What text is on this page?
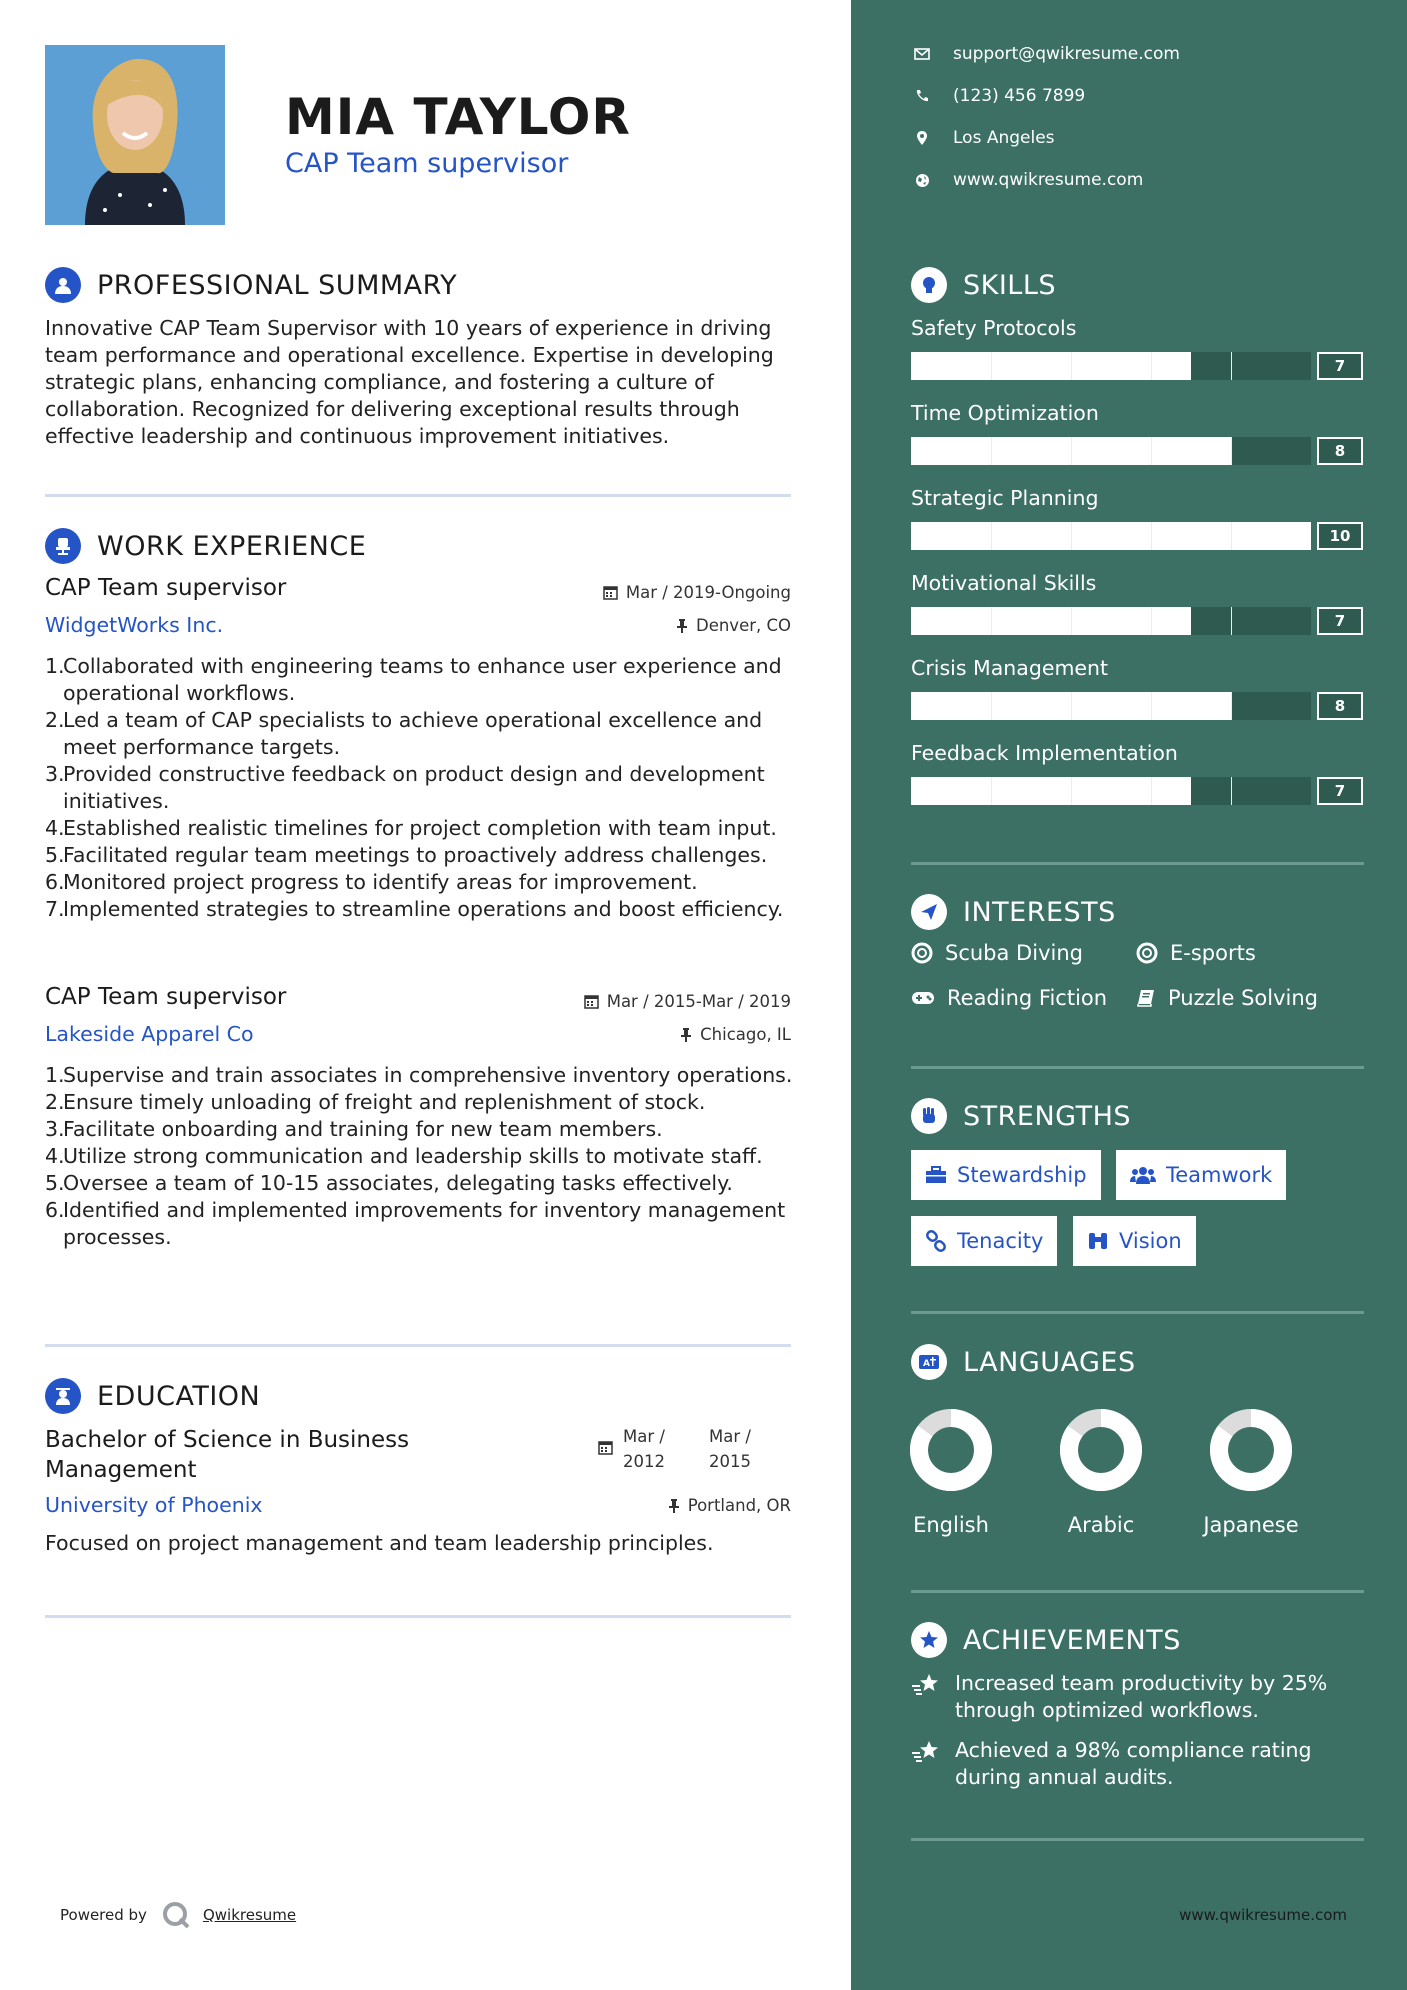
MIA TAYLOR
CAP Team supervisor
PROFESSIONAL SUMMARY
Innovative CAP Team Supervisor with 10 years of experience in driving team performance and operational excellence. Expertise in developing strategic plans, enhancing compliance, and fostering a culture of collaboration. Recognized for delivering exceptional results through effective leadership and continuous improvement initiatives.
WORK EXPERIENCE
CAP Team supervisor
WidgetWorks Inc.
Mar / 2019-Ongoing
Denver, CO
1.
Collaborated with engineering teams to enhance user experience and operational workflows.
2.
Led a team of CAP specialists to achieve operational excellence and meet performance targets.
3.
Provided constructive feedback on product design and development initiatives.
4.
Established realistic timelines for project completion with team input.
5.
Facilitated regular team meetings to proactively address challenges.
6.
Monitored project progress to identify areas for improvement.
7.
Implemented strategies to streamline operations and boost efficiency.
CAP Team supervisor
Lakeside Apparel Co
Mar / 2015-Mar / 2019
Chicago, IL
1.
Supervise and train associates in comprehensive inventory operations.
2.
Ensure timely unloading of freight and replenishment of stock.
3.
Facilitate onboarding and training for new team members.
4.
Utilize strong communication and leadership skills to motivate staff.
5.
Oversee a team of 10-15 associates, delegating tasks effectively.
6.
Identified and implemented improvements for inventory management processes.
EDUCATION
Bachelor of Science in Business
Management
Mar /
2012
Mar /
2015
University of Phoenix	Portland, OR
Focused on project management and team leadership principles.
Powered by	Qwikresume
support@qwikresume.com
(123) 456 7899
Los Angeles
www.qwikresume.com
SKILLS
Safety Protocols
7
Time Optimization
8
Strategic Planning
10
Motivational Skills
7
Crisis Management
8
Feedback Implementation
7
INTERESTS
Scuba Diving	E-sports
Reading Fiction	Puzzle Solving
STRENGTHS
Stewardship	Teamwork
Tenacity	Vision
A LANGUAGES
English	Arabic	Japanese
ACHIEVEMENTS
Increased team productivity by 25% through optimized workflows.
Achieved a 98% compliance rating during annual audits.
www.qwikresume.com
